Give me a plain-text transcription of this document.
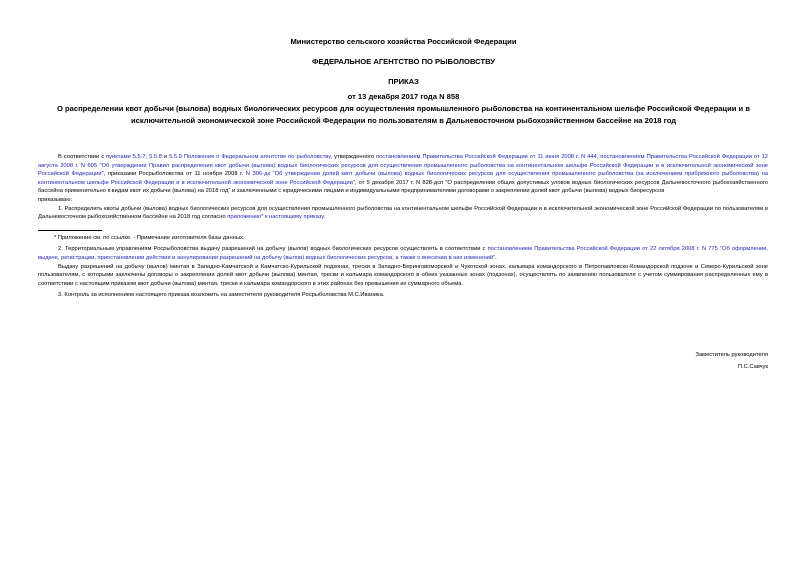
Министерство сельского хозяйства Российской Федерации
ФЕДЕРАЛЬНОЕ АГЕНТСТВО ПО РЫБОЛОВСТВУ
ПРИКАЗ
от 13 декабря 2017 года N 858
О распределении квот добычи (вылова) водных биологических ресурсов для осуществления промышленного рыболовства на континентальном шельфе Российской Федерации и в исключительной экономической зоне Российской Федерации по пользователям в Дальневосточном рыбохозяйственном бассейне на 2018 год

В соответствии с пунктами 5.5.7, 5.5.8 и 5.5.9 Положения о Федеральном агентстве по рыболовству, утвержденного постановлением Правительства Российской Федерации от 11 июня 2008 г. N 444, постановлением Правительства Российской Федерации от 12 августа 2008 г. N 605 "Об утверждении Правил распределения квот добычи (вылова) водных биологических ресурсов для осуществления промышленного рыболовства на континентальном шельфе Российской Федерации и в исключительной экономической зоне Российской Федерации", приказами Росрыболовства от 11 ноября 2008 г. N 306-дк "Об утверждении долей квот добычи (вылова) водных биологических ресурсов для осуществления промышленного рыболовства (за исключением прибрежного рыболовства) на континентальном шельфе Российской Федерации и в исключительной экономической зоне Российской Федерации", от 5 декабря 2017 г. N 828-дсп "О распределении общих допустимых уловов водных биологических ресурсов Дальневосточного рыбохозяйственного бассейна применительно к видам квот их добычи (вылова) на 2018 год" и заключенными с юридическими лицами и индивидуальными предпринимателями договорами о закреплении долей квот добычи (вылова) водных биоресурсов

приказываю:

1. Распределить квоты добычи (вылова) водных биологических ресурсов для осуществления промышленного рыболовства на континентальном шельфе Российской Федерации и в исключительной экономической зоне Российской Федерации по пользователям в Дальневосточном рыбохозяйственном бассейне на 2018 год согласно приложению* к настоящему приказу.

* Приложение см. по ссылке. - Примечание изготовителя базы данных.

2. Территориальным управлениям Росрыболовства выдачу разрешений на добычу (вылов) водных биологических ресурсов осуществлять в соответствии с постановлением Правительства Российской Федерации от 22 октября 2008 г. N 775 "Об оформлении, выдаче, регистрации, приостановлении действия и аннулировании разрешений на добычу (вылов) водных биологических ресурсов, а также о внесении в них изменений".

Выдачу разрешений на добычу (вылов) минтая в Западно-Камчатской и Камчатско-Курильской подзонах, трески в Западно-Беринговоморской и Чукотской зонах, кальмара командорского в Петропавловско-Командорской подзоне и Северо-Курильской зоне пользователям, с которыми заключены договоры о закреплении долей квот добычи (вылова) минтая, трески и кальмара командорского в обеих указанных зонах (подзонах), осуществлять по заявлению пользователя с учетом суммирования распределенных ему в соответствии с настоящим приказом квот добычи (вылова) минтая, трески и кальмара командорского в этих районах без превышения их суммарного объема.

3. Контроль за исполнением настоящего приказа возложить на заместителя руководителя Росрыболовства М.С.Иваника.

Заместитель руководителя
П.С.Савчук
